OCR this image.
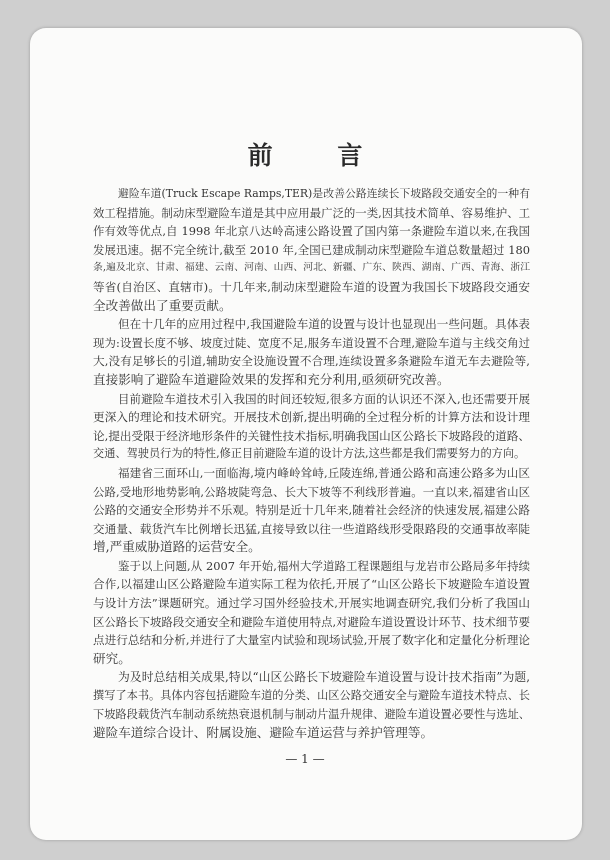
前 言
避险车道(Truck Escape Ramps,TER)是改善公路连续长下坡路段交通安全的一种有
效工程措施。制动床型避险车道是其中应用最广泛的一类,因其技术简单、容易维护、工
作有效等优点,自 1998 年北京八达岭高速公路设置了国内第一条避险车道以来,在我国
发展迅速。据不完全统计,截至 2010 年,全国已建成制动床型避险车道总数量超过 180
条,遍及北京、甘肃、福建、云南、河南、山西、河北、新疆、广东、陕西、湖南、广西、青海、浙江
等省(自治区、直辖市)。十几年来,制动床型避险车道的设置为我国长下坡路段交通安
全改善做出了重要贡献。
但在十几年的应用过程中,我国避险车道的设置与设计也显现出一些问题。具体表
现为:设置长度不够、坡度过陡、宽度不足,服务车道设置不合理,避险车道与主线交角过
大,没有足够长的引道,辅助安全设施设置不合理,连续设置多条避险车道无车去避险等,
直接影响了避险车道避险效果的发挥和充分利用,亟须研究改善。
目前避险车道技术引入我国的时间还较短,很多方面的认识还不深入,也还需要开展
更深入的理论和技术研究。开展技术创新,提出明确的全过程分析的计算方法和设计理
论,提出受限于经济地形条件的关键性技术指标,明确我国山区公路长下坡路段的道路、
交通、驾驶员行为的特性,修正目前避险车道的设计方法,这些都是我们需要努力的方向。
福建省三面环山,一面临海,境内峰岭耸峙,丘陵连绵,普通公路和高速公路多为山区
公路,受地形地势影响,公路坡陡弯急、长大下坡等不利线形普遍。一直以来,福建省山区
公路的交通安全形势并不乐观。特别是近十几年来,随着社会经济的快速发展,福建公路
交通量、载货汽车比例增长迅猛,直接导致以往一些道路线形受限路段的交通事故率陡
增,严重威胁道路的运营安全。
鉴于以上问题,从 2007 年开始,福州大学道路工程课题组与龙岩市公路局多年持续
合作,以福建山区公路避险车道实际工程为依托,开展了“山区公路长下坡避险车道设置
与设计方法”课题研究。通过学习国外经验技术,开展实地调查研究,我们分析了我国山
区公路长下坡路段交通安全和避险车道使用特点,对避险车道设置设计环节、技术细节要
点进行总结和分析,并进行了大量室内试验和现场试验,开展了数字化和定量化分析理论
研究。
为及时总结相关成果,特以“山区公路长下坡避险车道设置与设计技术指南”为题,
撰写了本书。具体内容包括避险车道的分类、山区公路交通安全与避险车道技术特点、长
下坡路段载货汽车制动系统热衰退机制与制动片温升规律、避险车道设置必要性与选址、
避险车道综合设计、附属设施、避险车道运营与养护管理等。
— 1 —
